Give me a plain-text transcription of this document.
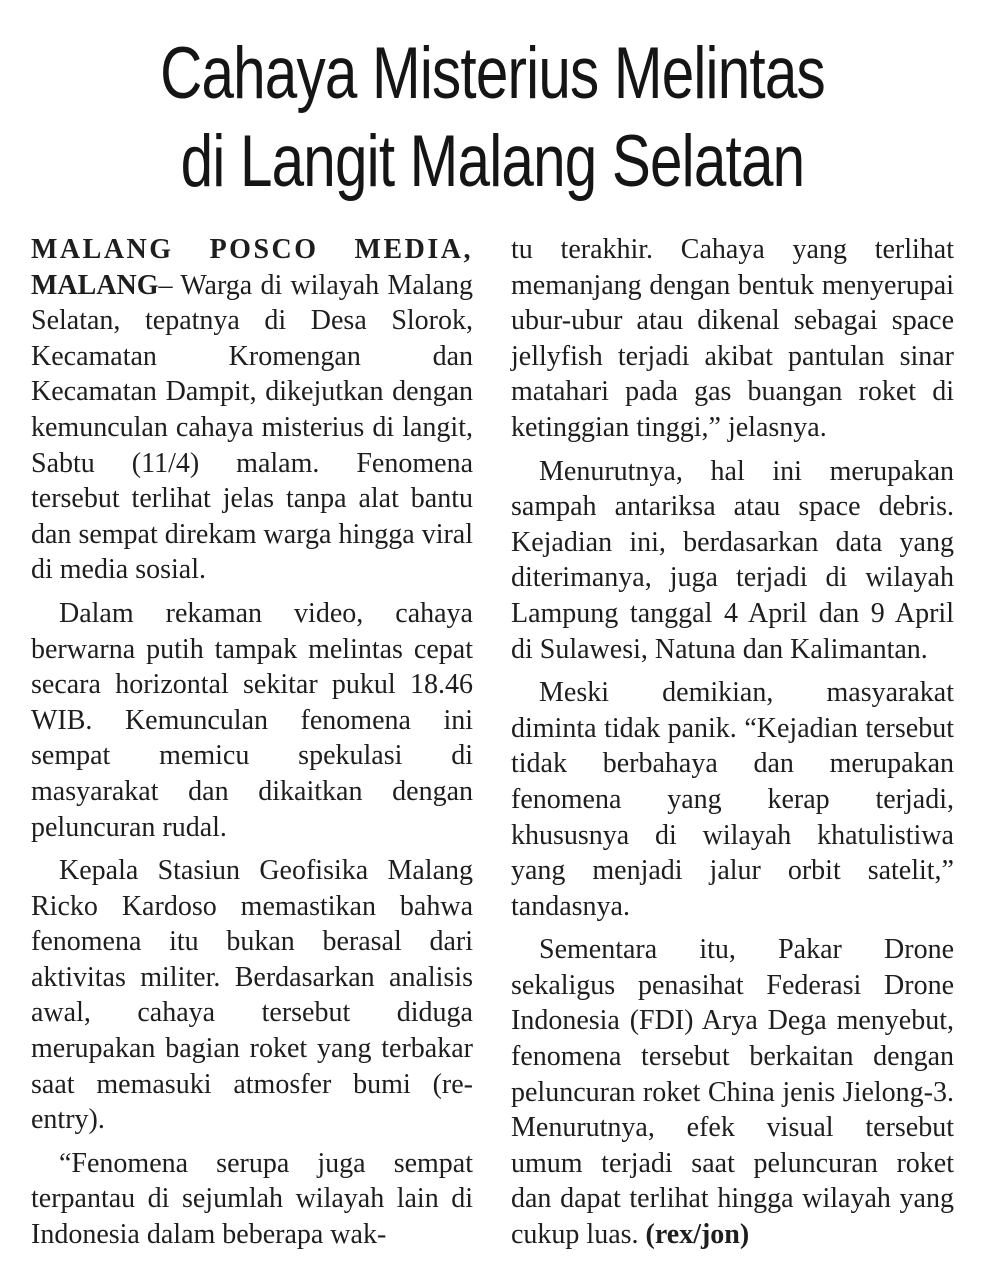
Cahaya Misterius Melintas
di Langit Malang Selatan

MALANG POSCO MEDIA, MALANG– Warga di wilayah Malang Selatan, tepatnya di Desa Slorok, Kecamatan Kromengan dan Kecamatan Dampit, dikejutkan dengan kemunculan cahaya misterius di langit, Sabtu (11/4) malam. Fenomena tersebut terlihat jelas tanpa alat bantu dan sempat direkam warga hingga viral di media sosial.

Dalam rekaman video, cahaya berwarna putih tampak melintas cepat secara horizontal sekitar pukul 18.46 WIB. Kemunculan fenomena ini sempat memicu spekulasi di masyarakat dan dikaitkan dengan peluncuran rudal.

Kepala Stasiun Geofisika Malang Ricko Kardoso memastikan bahwa fenomena itu bukan berasal dari aktivitas militer. Berdasarkan analisis awal, cahaya tersebut diduga merupakan bagian roket yang terbakar saat memasuki atmosfer bumi (re-entry).

“Fenomena serupa juga sempat terpantau di sejumlah wilayah lain di Indonesia dalam beberapa wak-

tu terakhir. Cahaya yang terlihat memanjang dengan bentuk menyerupai ubur-ubur atau dikenal sebagai space jellyfish terjadi akibat pantulan sinar matahari pada gas buangan roket di ketinggian tinggi,” jelasnya.

Menurutnya, hal ini merupakan sampah antariksa atau space debris. Kejadian ini, berdasarkan data yang diterimanya, juga terjadi di wilayah Lampung tanggal 4 April dan 9 April di Sulawesi, Natuna dan Kalimantan.

Meski demikian, masyarakat diminta tidak panik. “Kejadian tersebut tidak berbahaya dan merupakan fenomena yang kerap terjadi, khususnya di wilayah khatulistiwa yang menjadi jalur orbit satelit,” tandasnya.

Sementara itu, Pakar Drone sekaligus penasihat Federasi Drone Indonesia (FDI) Arya Dega menyebut, fenomena tersebut berkaitan dengan peluncuran roket China jenis Jielong-3. Menurutnya, efek visual tersebut umum terjadi saat peluncuran roket dan dapat terlihat hingga wilayah yang cukup luas. (rex/jon)
